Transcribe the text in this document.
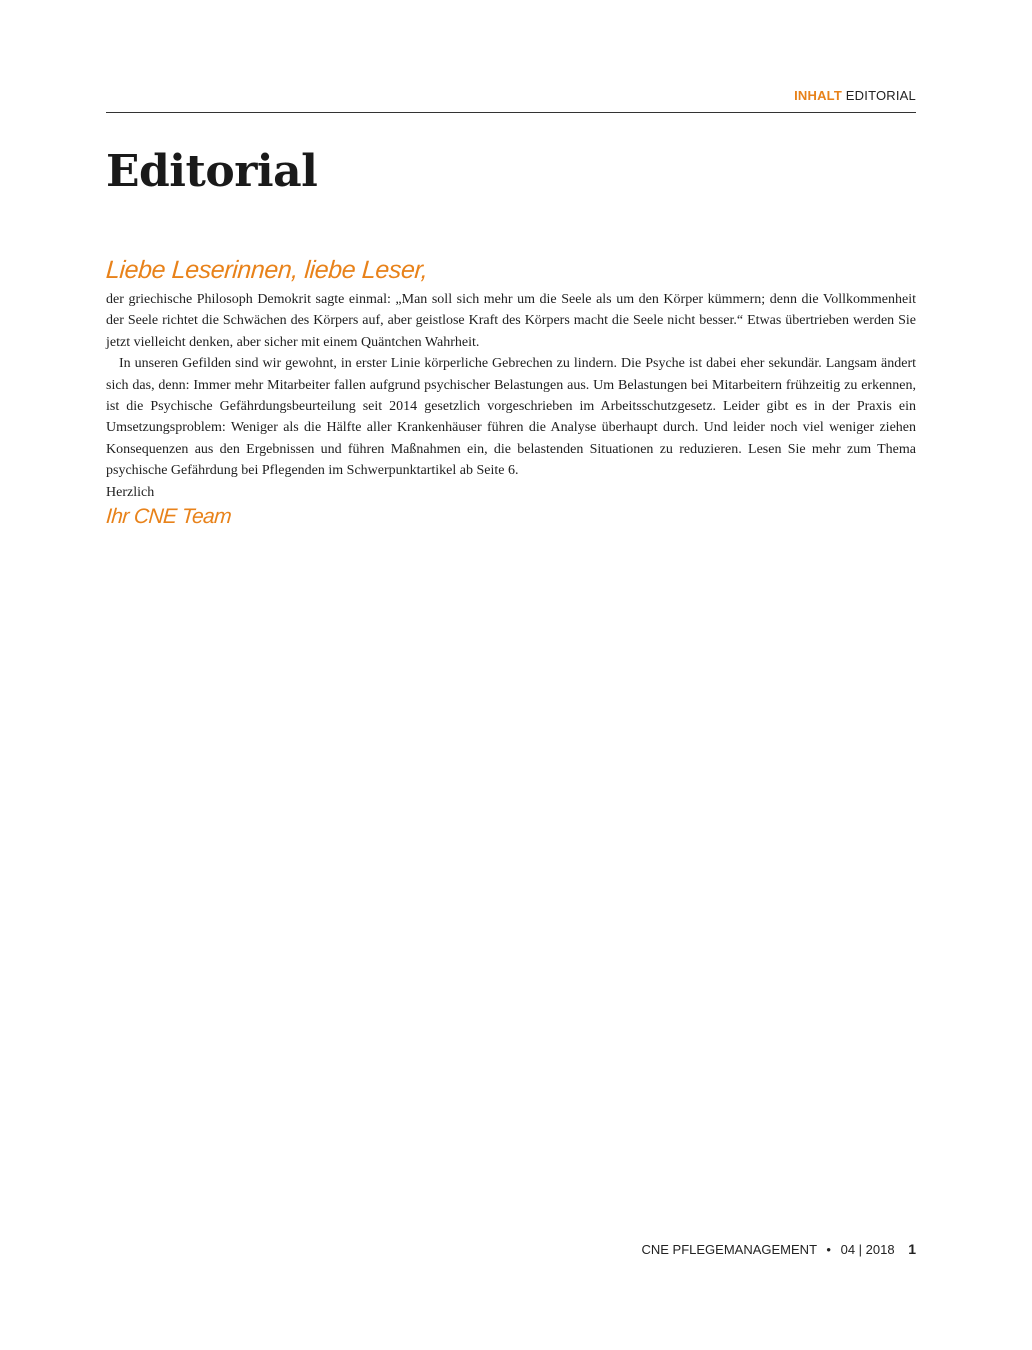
INHALT EDITORIAL
Editorial
Liebe Leserinnen, liebe Leser,

der griechische Philosoph Demokrit sagte einmal: „Man soll sich mehr um die Seele als um den Körper kümmern; denn die Vollkommenheit der Seele richtet die Schwächen des Körpers auf, aber geistlose Kraft des Körpers macht die Seele nicht besser.“ Etwas übertrieben werden Sie jetzt vielleicht denken, aber sicher mit einem Quäntchen Wahrheit.

In unseren Gefilden sind wir gewohnt, in erster Linie körperliche Gebrechen zu lindern. Die Psyche ist dabei eher sekundär. Langsam ändert sich das, denn: Immer mehr Mitarbeiter fallen aufgrund psychischer Belastungen aus. Um Belastungen bei Mitarbeitern frühzeitig zu erkennen, ist die Psychische Gefährdungsbeurteilung seit 2014 gesetzlich vorgeschrieben im Arbeitsschutzgesetz. Leider gibt es in der Praxis ein Umsetzungsproblem: Weniger als die Hälfte aller Krankenhäuser führen die Analyse überhaupt durch. Und leider noch viel weniger ziehen Konsequenzen aus den Ergebnissen und führen Maßnahmen ein, die belastenden Situationen zu reduzieren. Lesen Sie mehr zum Thema psychische Gefährdung bei Pflegenden im Schwerpunktartikel ab Seite 6.

Herzlich

Ihr CNE Team
CNE PFLEGEMANAGEMENT • 04 | 2018 1
